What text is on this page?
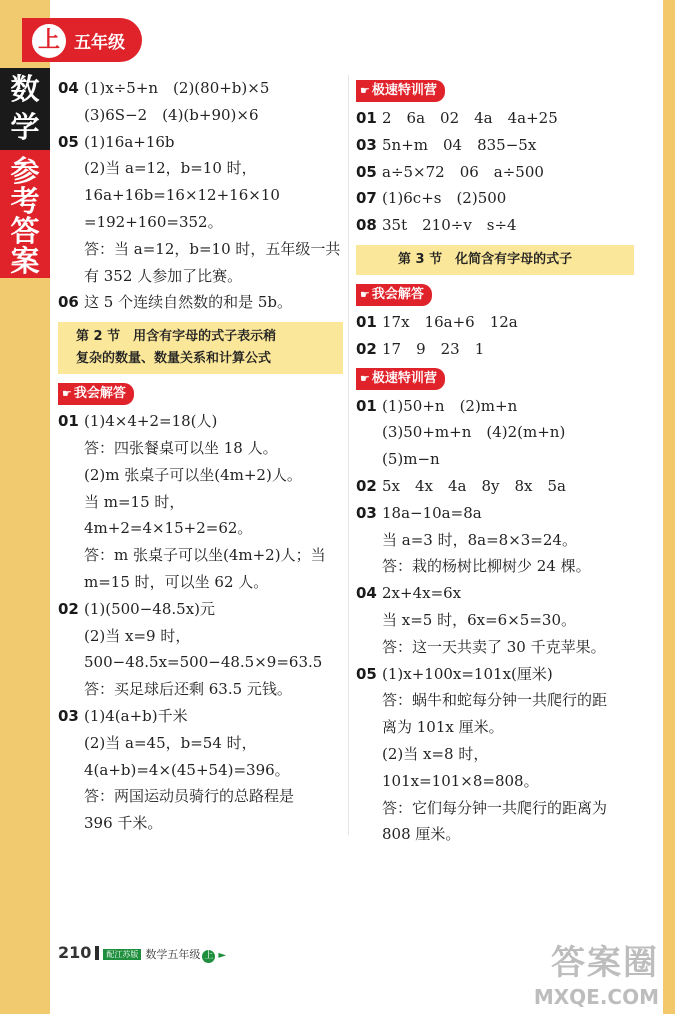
上 五年级
数
学
参
考
答
案
04 (1)x÷5+n　(2)(80+b)×5
(3)6S−2　(4)(b+90)×6
05 (1)16a+16b
(2)当 a=12，b=10 时，
16a+16b=16×12+16×10
=192+160=352。
答：当 a=12，b=10 时，五年级一共
有 352 人参加了比赛。
06 这 5 个连续自然数的和是 5b。
第 2 节　用含有字母的式子表示稍
复杂的数量、数量关系和计算公式
☛ 我会解答
01 (1)4×4+2=18(人)
答：四张餐桌可以坐 18 人。
(2)m 张桌子可以坐(4m+2)人。
当 m=15 时，
4m+2=4×15+2=62。
答：m 张桌子可以坐(4m+2)人；当
m=15 时，可以坐 62 人。
02 (1)(500−48.5x)元
(2)当 x=9 时，
500−48.5x=500−48.5×9=63.5
答：买足球后还剩 63.5 元钱。
03 (1)4(a+b)千米
(2)当 a=45，b=54 时，
4(a+b)=4×(45+54)=396。
答：两国运动员骑行的总路程是
396 千米。
☛ 极速特训营
01 2　6a　02　4a　4a+25
03 5n+m　04　835−5x
05 a÷5×72　06　a÷500
07 (1)6c+s　(2)500
08 35t　210÷v　s÷4
第 3 节　化简含有字母的式子
☛ 我会解答
01 17x　16a+6　12a
02 17　9　23　1
☛ 极速特训营
01 (1)50+n　(2)m+n
(3)50+m+n　(4)2(m+n)
(5)m−n
02 5x　4x　4a　8y　8x　5a
03 18a−10a=8a
当 a=3 时，8a=8×3=24。
答：栽的杨树比柳树少 24 棵。
04 2x+4x=6x
当 x=5 时，6x=6×5=30。
答：这一天共卖了 30 千克苹果。
05 (1)x+100x=101x(厘米)
答：蜗牛和蛇每分钟一共爬行的距
离为 101x 厘米。
(2)当 x=8 时，
101x=101×8=808。
答：它们每分钟一共爬行的距离为
808 厘米。
210 配江苏版 数学五年级 上 ►	答案圈
MXQE.COM
